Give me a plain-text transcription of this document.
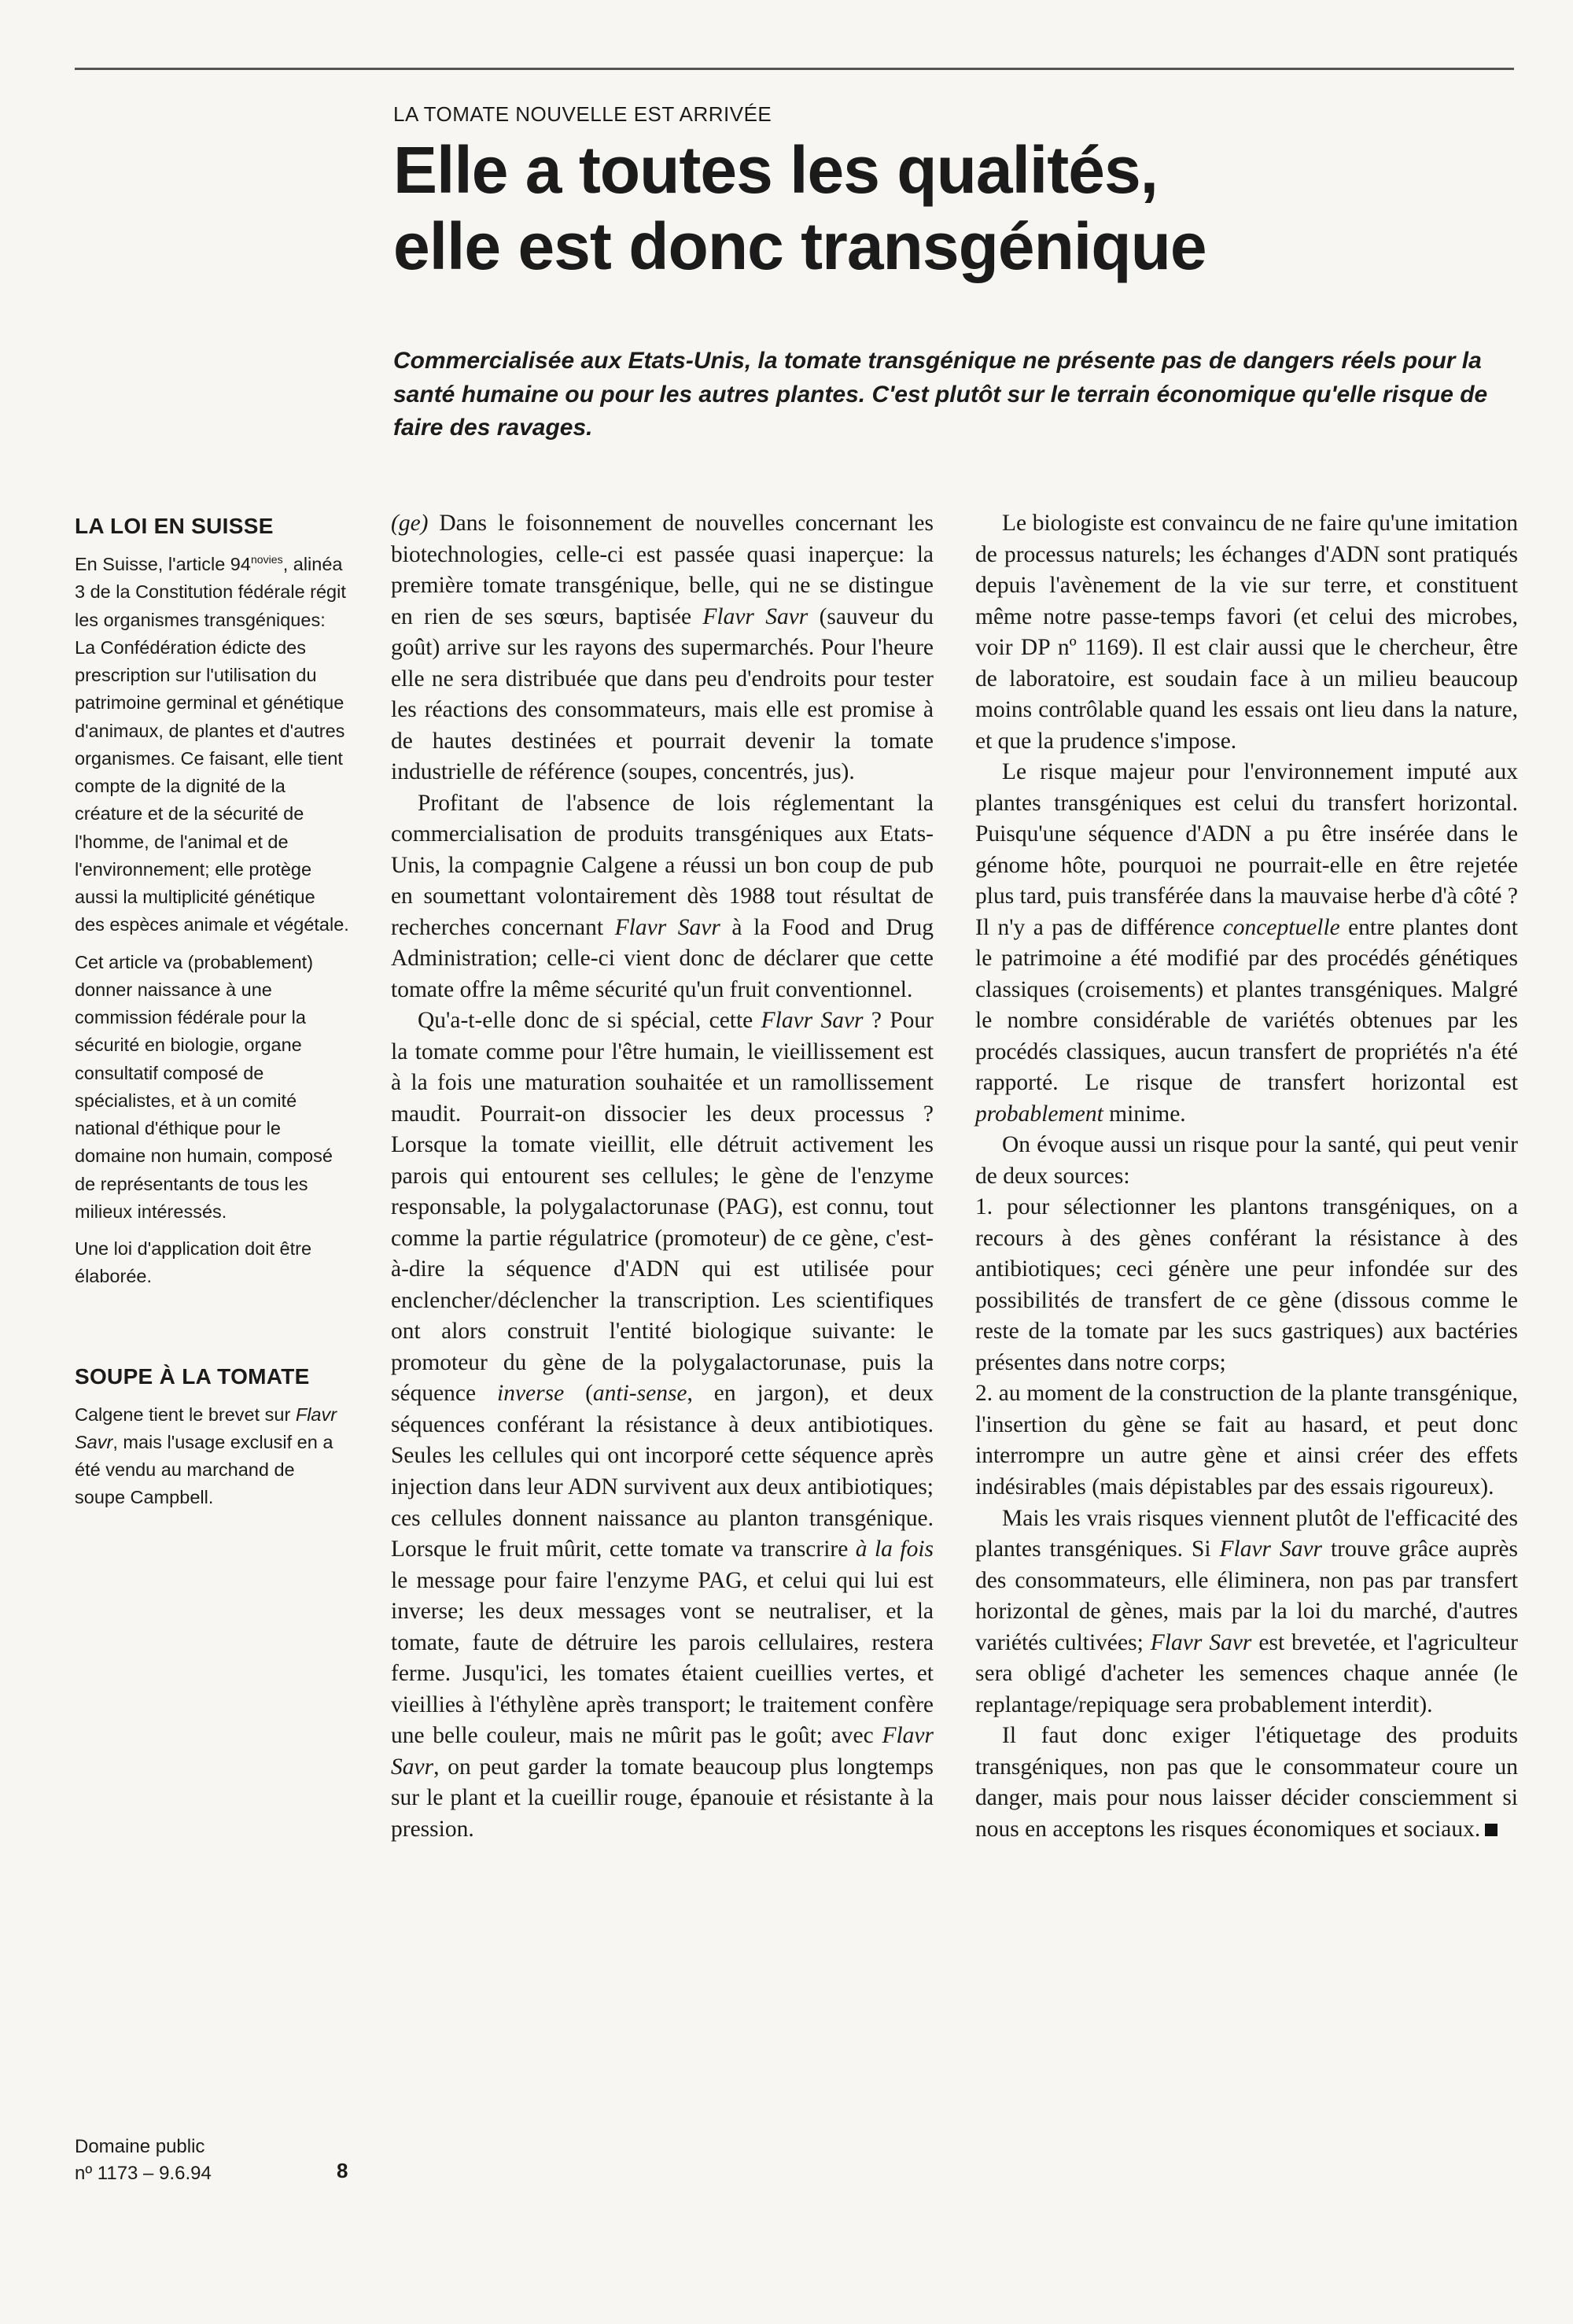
LA TOMATE NOUVELLE EST ARRIVÉE
Elle a toutes les qualités,
elle est donc transgénique

Commercialisée aux Etats-Unis, la tomate transgénique ne présente pas de dangers réels pour la santé humaine ou pour les autres plantes. C'est plutôt sur le terrain économique qu'elle risque de faire des ravages.

LA LOI EN SUISSE

En Suisse, l'article $94^{novies}$, alinéa 3 de la Constitution fédérale régit les organismes transgéniques: La Confédération édicte des prescription sur l'utilisation du patrimoine germinal et génétique d'animaux, de plantes et d'autres organismes. Ce faisant, elle tient compte de la dignité de la créature et de la sécurité de l'homme, de l'animal et de l'environnement; elle protège aussi la multiplicité génétique des espèces animale et végétale.

Cet article va (probablement) donner naissance à une commission fédérale pour la sécurité en biologie, organe consultatif composé de spécialistes, et à un comité national d'éthique pour le domaine non humain, composé de représentants de tous les milieux intéressés.

Une loi d'application doit être élaborée.

SOUPE À LA TOMATE

Calgene tient le brevet sur Flavr Savr, mais l'usage exclusif en a été vendu au marchand de soupe Campbell.

(ge) Dans le foisonnement de nouvelles concernant les biotechnologies, celle-ci est passée quasi inaperçue: la première tomate transgénique, belle, qui ne se distingue en rien de ses sœurs, baptisée Flavr Savr (sauveur du goût) arrive sur les rayons des supermarchés. Pour l'heure elle ne sera distribuée que dans peu d'endroits pour tester les réactions des consommateurs, mais elle est promise à de hautes destinées et pourrait devenir la tomate industrielle de référence (soupes, concentrés, jus).

Profitant de l'absence de lois réglementant la commercialisation de produits transgéniques aux Etats-Unis, la compagnie Calgene a réussi un bon coup de pub en soumettant volontairement dès 1988 tout résultat de recherches concernant Flavr Savr à la Food and Drug Administration; celle-ci vient donc de déclarer que cette tomate offre la même sécurité qu'un fruit conventionnel.

Qu'a-t-elle donc de si spécial, cette Flavr Savr ? Pour la tomate comme pour l'être humain, le vieillissement est à la fois une maturation souhaitée et un ramollissement maudit. Pourrait-on dissocier les deux processus ? Lorsque la tomate vieillit, elle détruit activement les parois qui entourent ses cellules; le gène de l'enzyme responsable, la polygalactorunase (PAG), est connu, tout comme la partie régulatrice (promoteur) de ce gène, c'est-à-dire la séquence d'ADN qui est utilisée pour enclencher/déclencher la transcription. Les scientifiques ont alors construit l'entité biologique suivante: le promoteur du gène de la polygalactorunase, puis la séquence inverse (anti-sense, en jargon), et deux séquences conférant la résistance à deux antibiotiques. Seules les cellules qui ont incorporé cette séquence après injection dans leur ADN survivent aux deux antibiotiques; ces cellules donnent naissance au planton transgénique. Lorsque le fruit mûrit, cette tomate va transcrire à la fois le message pour faire l'enzyme PAG, et celui qui lui est inverse; les deux messages vont se neutraliser, et la tomate, faute de détruire les parois cellulaires, restera ferme. Jusqu'ici, les tomates étaient cueillies vertes, et vieillies à l'éthylène après transport; le traitement confère une belle couleur, mais ne mûrit pas le goût; avec Flavr Savr, on peut garder la tomate beaucoup plus longtemps sur le plant et la cueillir rouge, épanouie et résistante à la pression.

Le biologiste est convaincu de ne faire qu'une imitation de processus naturels; les échanges d'ADN sont pratiqués depuis l'avènement de la vie sur terre, et constituent même notre passe-temps favori (et celui des microbes, voir DP nº 1169). Il est clair aussi que le chercheur, être de laboratoire, est soudain face à un milieu beaucoup moins contrôlable quand les essais ont lieu dans la nature, et que la prudence s'impose.

Le risque majeur pour l'environnement imputé aux plantes transgéniques est celui du transfert horizontal. Puisqu'une séquence d'ADN a pu être insérée dans le génome hôte, pourquoi ne pourrait-elle en être rejetée plus tard, puis transférée dans la mauvaise herbe d'à côté ? Il n'y a pas de différence conceptuelle entre plantes dont le patrimoine a été modifié par des procédés génétiques classiques (croisements) et plantes transgéniques. Malgré le nombre considérable de variétés obtenues par les procédés classiques, aucun transfert de propriétés n'a été rapporté. Le risque de transfert horizontal est probablement minime.

On évoque aussi un risque pour la santé, qui peut venir de deux sources:

1. pour sélectionner les plantons transgéniques, on a recours à des gènes conférant la résistance à des antibiotiques; ceci génère une peur infondée sur des possibilités de transfert de ce gène (dissous comme le reste de la tomate par les sucs gastriques) aux bactéries présentes dans notre corps;

2. au moment de la construction de la plante transgénique, l'insertion du gène se fait au hasard, et peut donc interrompre un autre gène et ainsi créer des effets indésirables (mais dépistables par des essais rigoureux).

Mais les vrais risques viennent plutôt de l'efficacité des plantes transgéniques. Si Flavr Savr trouve grâce auprès des consommateurs, elle éliminera, non pas par transfert horizontal de gènes, mais par la loi du marché, d'autres variétés cultivées; Flavr Savr est brevetée, et l'agriculteur sera obligé d'acheter les semences chaque année (le replantage/repiquage sera probablement interdit).

Il faut donc exiger l'étiquetage des produits transgéniques, non pas que le consommateur coure un danger, mais pour nous laisser décider consciemment si nous en acceptons les risques économiques et sociaux.

Domaine public
nº 1173 – 9.6.94	8
